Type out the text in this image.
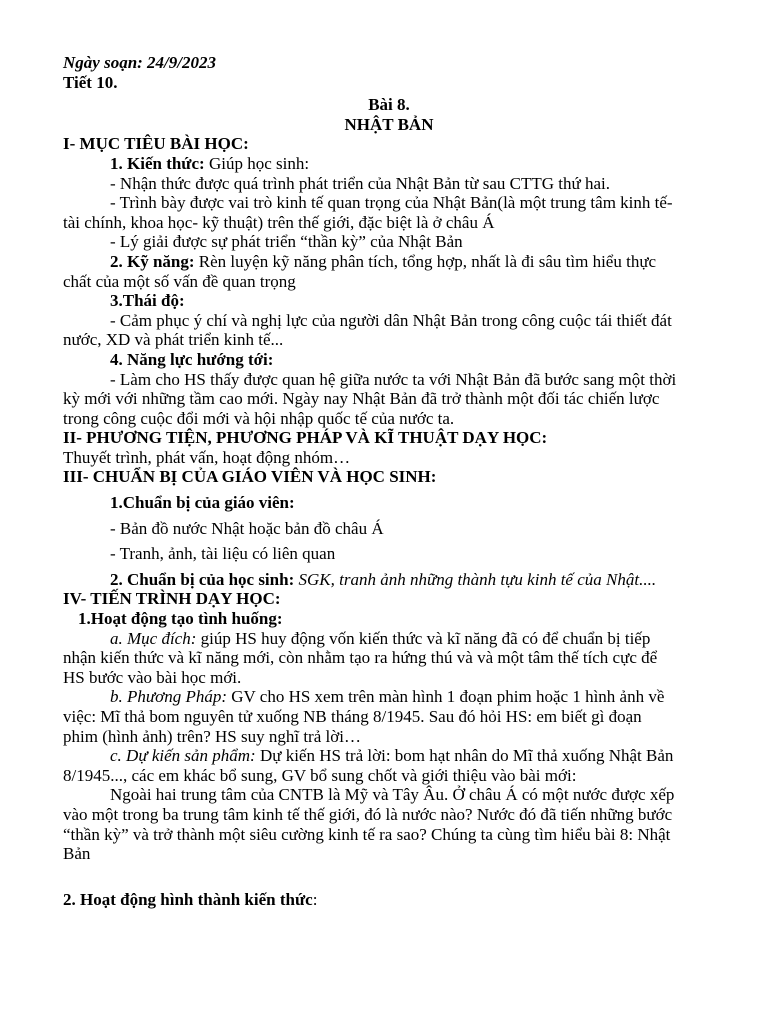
Ngày soạn: 24/9/2023
Tiết 10.
Bài 8.
NHẬT BẢN
I- MỤC TIÊU BÀI HỌC:
1. Kiến thức: Giúp học sinh:
- Nhận thức được quá trình phát triển của Nhật Bản từ sau CTTG thứ hai.
- Trình bày được vai trò kinh tế quan trọng của Nhật Bản(là một trung tâm kinh tế-
tài chính, khoa học- kỹ thuật) trên thế giới, đặc biệt là ở châu Á
- Lý giải được sự phát triển “thần kỳ” của Nhật Bản
2. Kỹ năng: Rèn luyện kỹ năng phân tích, tổng hợp, nhất là đi sâu tìm hiểu thực
chất của một số vấn đề quan trọng
3.Thái độ:
- Cảm phục ý chí và nghị lực của người dân Nhật Bản trong công cuộc tái thiết đát
nước, XD và phát triển kinh tế...
4. Năng lực hướng tới:
- Làm cho HS thấy được quan hệ giữa nước ta với Nhật Bản đã bước sang một thời
kỳ mới với những tầm cao mới. Ngày nay Nhật Bản đã trở thành một đối tác chiến lược
trong công cuộc đổi mới và hội nhập quốc tế của nước ta.
II- PHƯƠNG TIỆN, PHƯƠNG PHÁP VÀ KĨ THUẬT DẠY HỌC:
Thuyết trình, phát vấn, hoạt động nhóm…
III- CHUẨN BỊ CỦA GIÁO VIÊN VÀ HỌC SINH:
1.Chuẩn bị của giáo viên:
- Bản đồ nước Nhật hoặc bản đồ châu Á
- Tranh, ảnh, tài liệu có liên quan
2. Chuẩn bị của học sinh: SGK, tranh ảnh những thành tựu kinh tế của Nhật....
IV- TIẾN TRÌNH DẠY HỌC:
1.Hoạt động tạo tình huống:
a. Mục đích: giúp HS huy động vốn kiến thức và kĩ năng đã có để chuẩn bị tiếp
nhận kiến thức và kĩ năng mới, còn nhằm tạo ra hứng thú và và một tâm thế tích cực để
HS bước vào bài học mới.
b. Phương Pháp: GV cho HS xem trên màn hình 1 đoạn phim hoặc 1 hình ảnh về
việc: Mĩ thả bom nguyên tử xuống NB tháng 8/1945. Sau đó hỏi HS: em biết gì đoạn
phim (hình ảnh) trên? HS suy nghĩ trả lời…
c. Dự kiến sản phẩm: Dự kiến HS trả lời: bom hạt nhân do Mĩ thả xuống Nhật Bản
8/1945..., các em khác bổ sung, GV bổ sung chốt và giới thiệu vào bài mới:
Ngoài hai trung tâm của CNTB là Mỹ và Tây Âu. Ở châu Á có một nước được xếp
vào một trong ba trung tâm kinh tế thế giới, đó là nước nào? Nước đó đã tiến những bước
“thần kỳ” và trở thành một siêu cường kinh tế ra sao? Chúng ta cùng tìm hiểu bài 8: Nhật
Bản
2. Hoạt động hình thành kiến thức:
